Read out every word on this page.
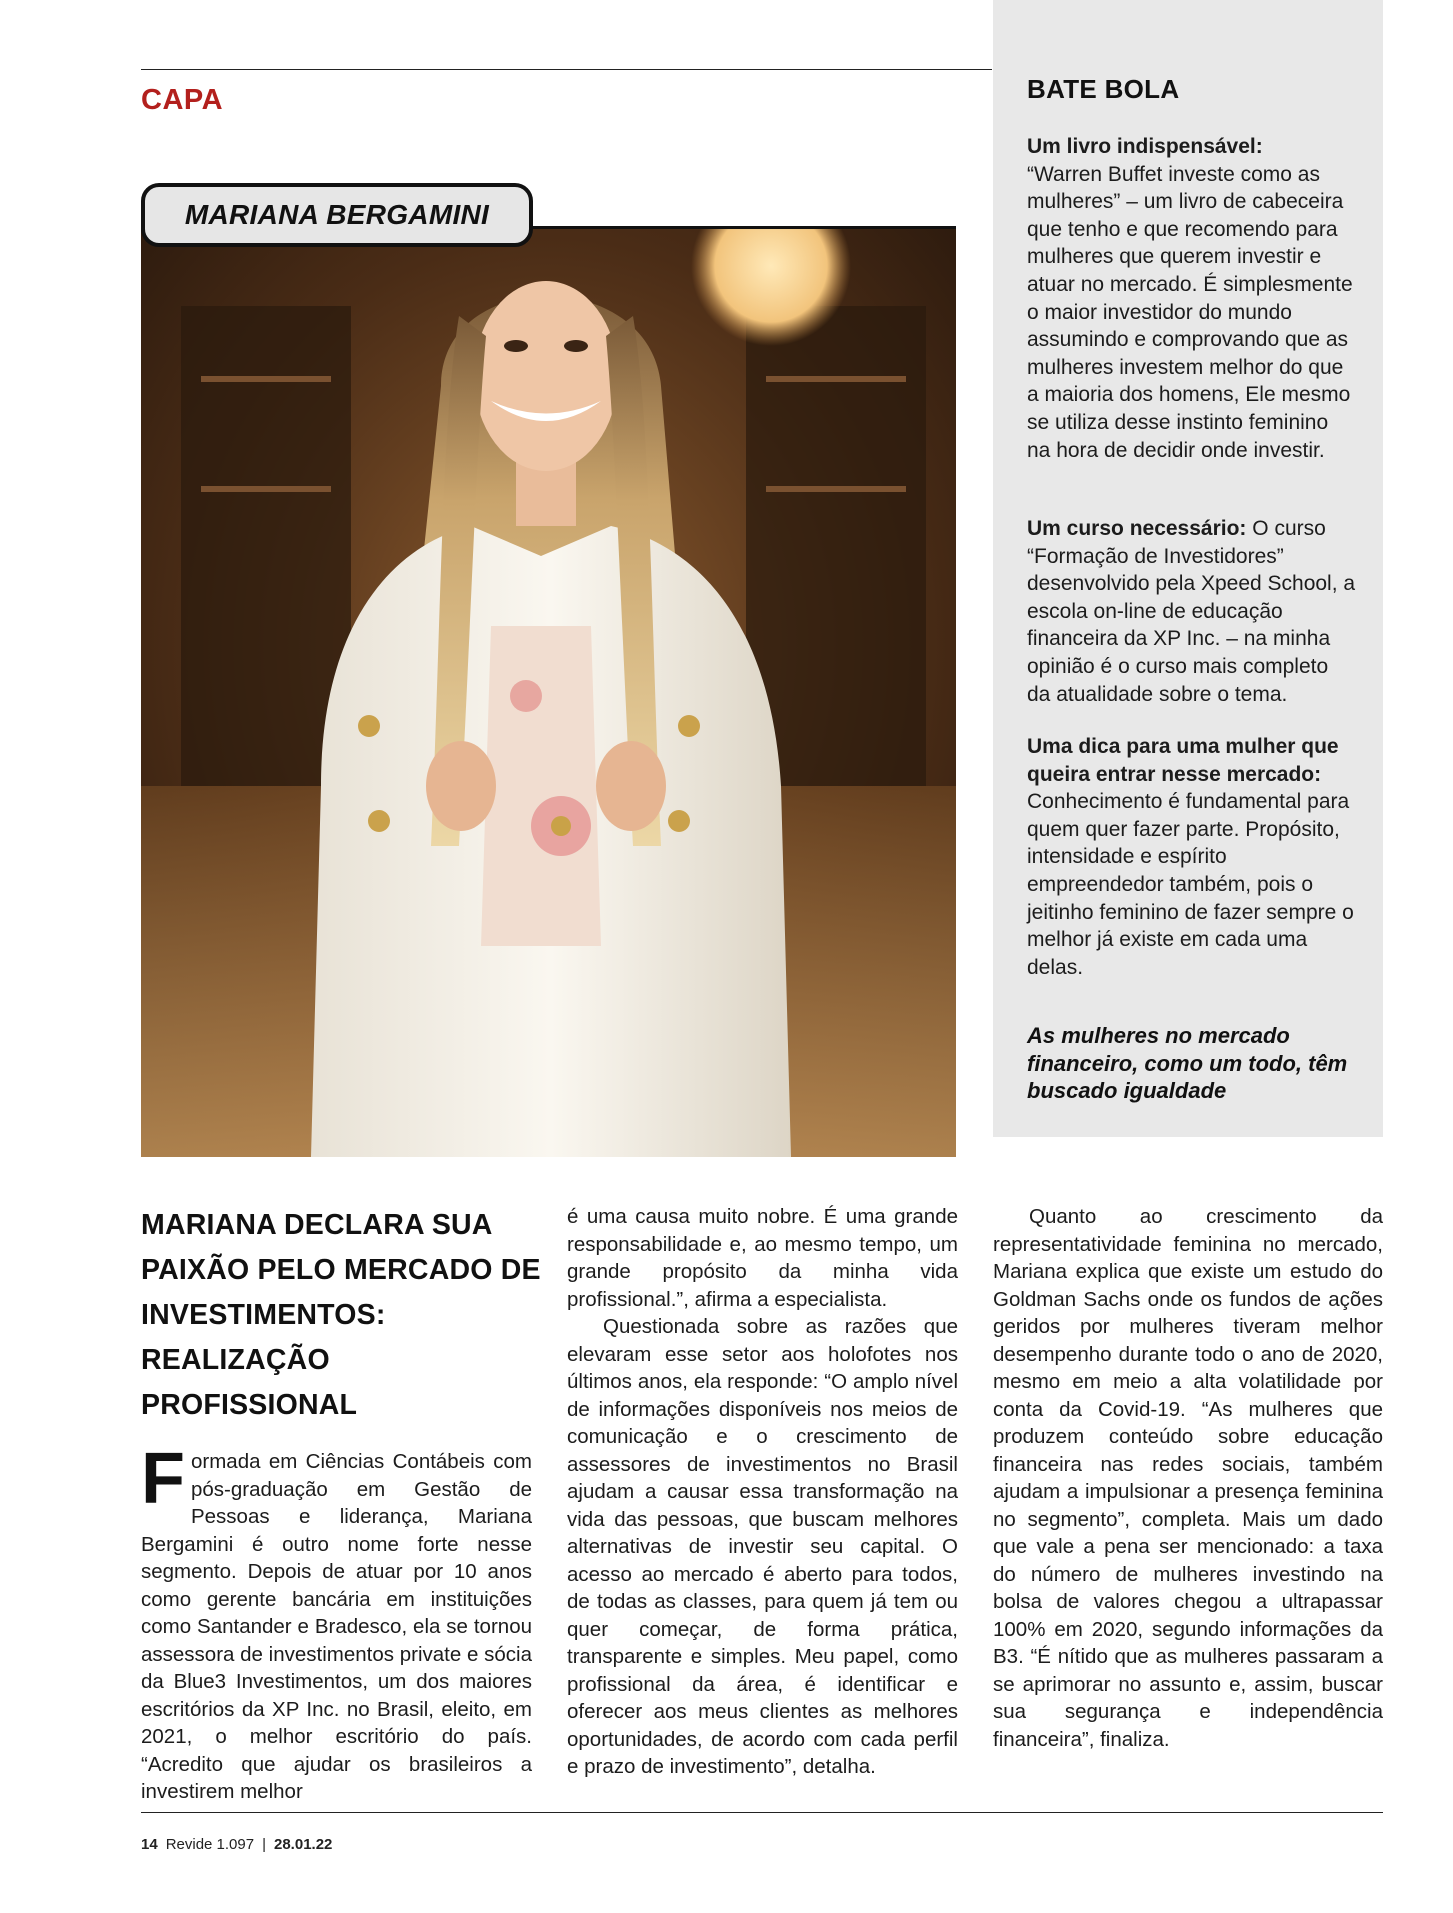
CAPA
MARIANA BERGAMINI
BATE BOLA
Um livro indispensável:
“Warren Buffet investe como as mulheres” – um livro de cabeceira que tenho e que recomendo para mulheres que querem investir e atuar no mercado. É simplesmente o maior investidor do mundo assumindo e comprovando que as mulheres investem melhor do que a maioria dos homens, Ele mesmo se utiliza desse instinto feminino na hora de decidir onde investir.
Um curso necessário: O curso “Formação de Investidores” desenvolvido pela Xpeed School, a escola on-line de educação financeira da XP Inc. – na minha opinião é o curso mais completo da atualidade sobre o tema.
Uma dica para uma mulher que queira entrar nesse mercado: Conhecimento é fundamental para quem quer fazer parte. Propósito, intensidade e espírito empreendedor também, pois o jeitinho feminino de fazer sempre o melhor já existe em cada uma delas.
As mulheres no mercado financeiro, como um todo, têm buscado igualdade
MARIANA DECLARA SUA PAIXÃO PELO MERCADO DE INVESTIMENTOS: REALIZAÇÃO PROFISSIONAL

Formada em Ciências Contábeis com pós-graduação em Gestão de Pessoas e liderança, Mariana Bergamini é outro nome forte nesse segmento. Depois de atuar por 10 anos como gerente bancária em instituições como Santander e Bradesco, ela se tornou assessora de investimentos private e sócia da Blue3 Investimentos, um dos maiores escritórios da XP Inc. no Brasil, eleito, em 2021, o melhor escritório do país. “Acredito que ajudar os brasileiros a investirem melhor

é uma causa muito nobre. É uma grande responsabilidade e, ao mesmo tempo, um grande propósito da minha vida profissional.”, afirma a especialista.

Questionada sobre as razões que elevaram esse setor aos holofotes nos últimos anos, ela responde: “O amplo nível de informações disponíveis nos meios de comunicação e o crescimento de assessores de investimentos no Brasil ajudam a causar essa transformação na vida das pessoas, que buscam melhores alternativas de investir seu capital. O acesso ao mercado é aberto para todos, de todas as classes, para quem já tem ou quer começar, de forma prática, transparente e simples. Meu papel, como profissional da área, é identificar e oferecer aos meus clientes as melhores oportunidades, de acordo com cada perfil e prazo de investimento”, detalha.

Quanto ao crescimento da representatividade feminina no mercado, Mariana explica que existe um estudo do Goldman Sachs onde os fundos de ações geridos por mulheres tiveram melhor desempenho durante todo o ano de 2020, mesmo em meio a alta volatilidade por conta da Covid-19. “As mulheres que produzem conteúdo sobre educação financeira nas redes sociais, também ajudam a impulsionar a presença feminina no segmento”, completa. Mais um dado que vale a pena ser mencionado: a taxa do número de mulheres investindo na bolsa de valores chegou a ultrapassar 100% em 2020, segundo informações da B3. “É nítido que as mulheres passaram a se aprimorar no assunto e, assim, buscar sua segurança e independência financeira”, finaliza.

14 Revide 1.097 | 28.01.22
